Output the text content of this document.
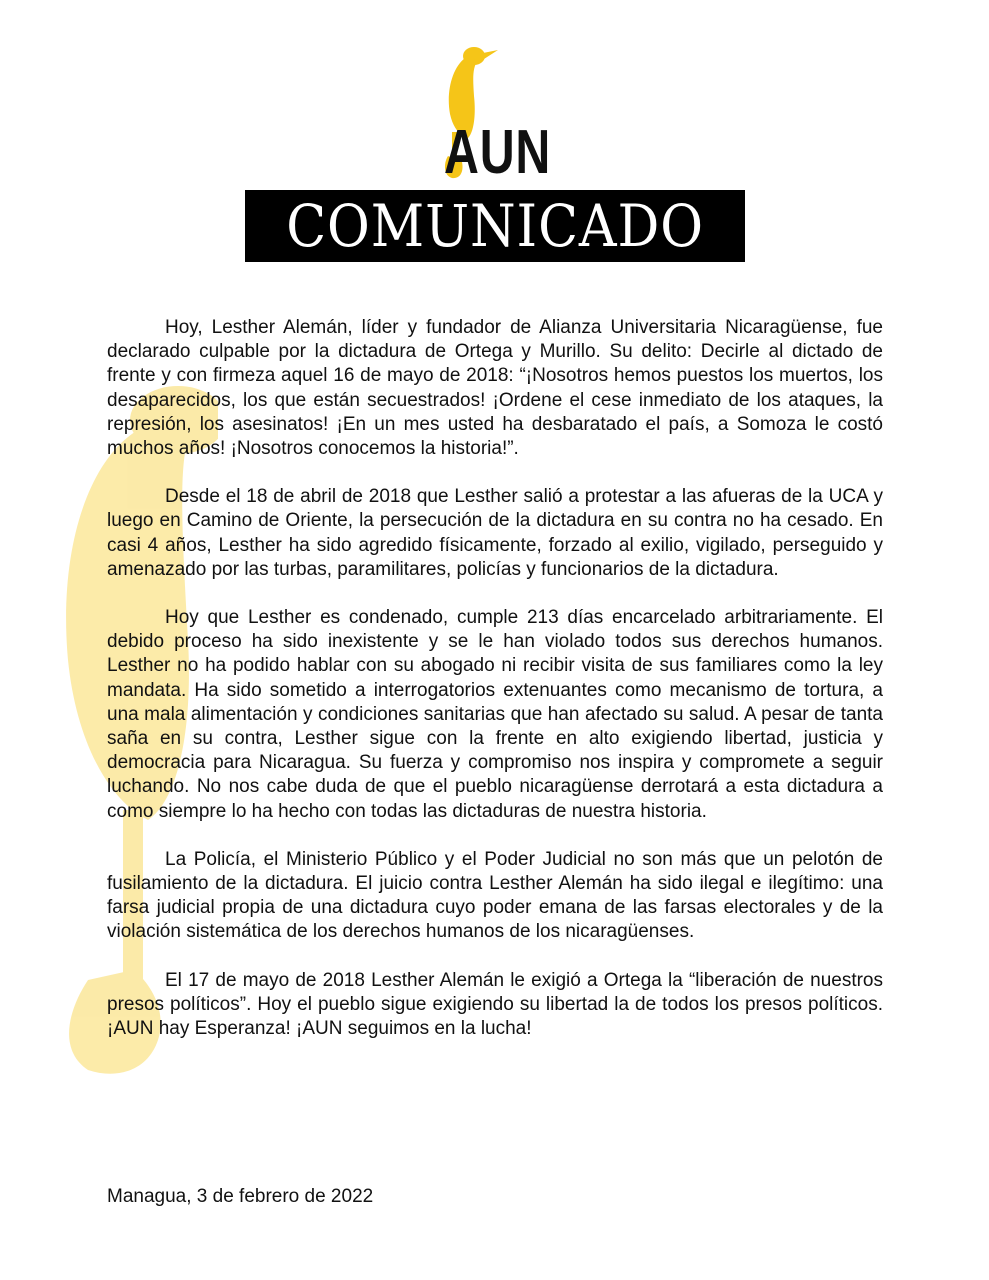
AUN
COMUNICADO

Hoy, Lesther Alemán, líder y fundador de Alianza Universitaria Nicaragüense, fue declarado culpable por la dictadura de Ortega y Murillo. Su delito: Decirle al dictado de frente y con firmeza aquel 16 de mayo de 2018: “¡Nosotros hemos puestos los muertos, los desaparecidos, los que están secuestrados! ¡Ordene el cese inmediato de los ataques, la represión, los asesinatos! ¡En un mes usted ha desbaratado el país, a Somoza le costó muchos años! ¡Nosotros conocemos la historia!”.

Desde el 18 de abril de 2018 que Lesther salió a protestar a las afueras de la UCA y luego en Camino de Oriente, la persecución de la dictadura en su contra no ha cesado. En casi 4 años, Lesther ha sido agredido físicamente, forzado al exilio, vigilado, perseguido y amenazado por las turbas, paramilitares, policías y funcionarios de la dictadura.

Hoy que Lesther es condenado, cumple 213 días encarcelado arbitrariamente. El debido proceso ha sido inexistente y se le han violado todos sus derechos humanos. Lesther no ha podido hablar con su abogado ni recibir visita de sus familiares como la ley mandata. Ha sido sometido a interrogatorios extenuantes como mecanismo de tortura, a una mala alimentación y condiciones sanitarias que han afectado su salud. A pesar de tanta saña en su contra, Lesther sigue con la frente en alto exigiendo libertad, justicia y democracia para Nicaragua. Su fuerza y compromiso nos inspira y compromete a seguir luchando. No nos cabe duda de que el pueblo nicaragüense derrotará a esta dictadura a como siempre lo ha hecho con todas las dictaduras de nuestra historia.

La Policía, el Ministerio Público y el Poder Judicial no son más que un pelotón de fusilamiento de la dictadura. El juicio contra Lesther Alemán ha sido ilegal e ilegítimo: una farsa judicial propia de una dictadura cuyo poder emana de las farsas electorales y de la violación sistemática de los derechos humanos de los nicaragüenses.

El 17 de mayo de 2018 Lesther Alemán le exigió a Ortega la “liberación de nuestros presos políticos”. Hoy el pueblo sigue exigiendo su libertad la de todos los presos políticos. ¡AUN hay Esperanza! ¡AUN seguimos en la lucha!

Managua, 3 de febrero de 2022
